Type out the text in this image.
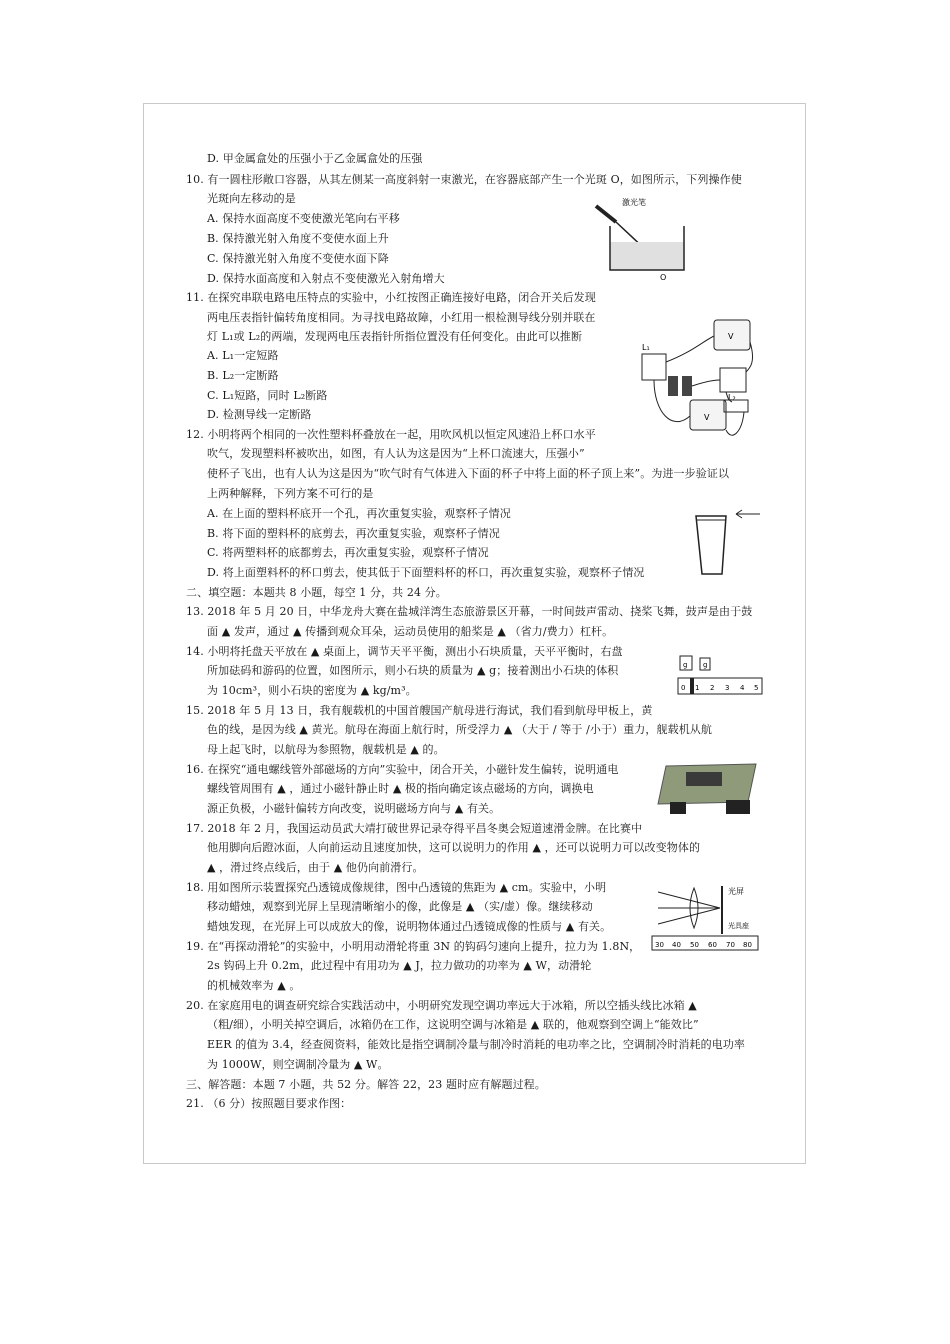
D. 甲金属盒处的压强小于乙金属盒处的压强
10. 有一圆柱形敞口容器，从其左侧某一高度斜射一束激光，在容器底部产生一个光斑 O，如图所示，下列操作使
光斑向左移动的是
A. 保持水面高度不变使激光笔向右平移
B. 保持激光射入角度不变使水面上升
C. 保持激光射入角度不变使水面下降
D. 保持水面高度和入射点不变使激光入射角增大
11. 在探究串联电路电压特点的实验中，小红按图正确连接好电路，闭合开关后发现
两电压表指针偏转角度相同。为寻找电路故障，小红用一根检测导线分别并联在
灯 L₁或 L₂的两端，发现两电压表指针所指位置没有任何变化。由此可以推断
A. L₁一定短路
B. L₂一定断路
C. L₁短路，同时 L₂断路
D. 检测导线一定断路
12. 小明将两个相同的一次性塑料杯叠放在一起，用吹风机以恒定风速沿上杯口水平
吹气，发现塑料杯被吹出，如图，有人认为这是因为“上杯口流速大，压强小”
使杯子飞出，也有人认为这是因为“吹气时有气体进入下面的杯子中将上面的杯子顶上来”。为进一步验证以
上两种解释，下列方案不可行的是
A. 在上面的塑料杯底开一个孔，再次重复实验，观察杯子情况
B. 将下面的塑料杯的底剪去，再次重复实验，观察杯子情况
C. 将两塑料杯的底都剪去，再次重复实验，观察杯子情况
D. 将上面塑料杯的杯口剪去，使其低于下面塑料杯的杯口，再次重复实验，观察杯子情况
二、填空题：本题共 8 小题，每空 1 分，共 24 分。
13. 2018 年 5 月 20 日，中华龙舟大赛在盐城洋湾生态旅游景区开幕，一时间鼓声雷动、挠桨飞舞，鼓声是由于鼓
面 ▲ 发声，通过 ▲ 传播到观众耳朵，运动员使用的船桨是 ▲ （省力/费力）杠杆。
14. 小明将托盘天平放在 ▲ 桌面上，调节天平平衡，测出小石块质量，天平平衡时，右盘
所加砝码和游码的位置，如图所示，则小石块的质量为 ▲ g；接着测出小石块的体积
为 10cm³，则小石块的密度为 ▲ kg/m³。
15. 2018 年 5 月 13 日，我有舰载机的中国首艘国产航母进行海试，我们看到航母甲板上，黄
色的线，是因为线 ▲ 黄光。航母在海面上航行时，所受浮力 ▲ （大于 / 等于 /小于）重力，舰载机从航
母上起飞时，以航母为参照物，舰载机是 ▲ 的。
16. 在探究“通电螺线管外部磁场的方向”实验中，闭合开关，小磁针发生偏转，说明通电
螺线管周围有 ▲ ，通过小磁针静止时 ▲ 极的指向确定该点磁场的方向，调换电
源正负极，小磁针偏转方向改变，说明磁场方向与 ▲ 有关。
17. 2018 年 2 月，我国运动员武大靖打破世界记录夺得平昌冬奥会短道速滑金牌。在比赛中
他用脚向后蹬冰面，人向前运动且速度加快，这可以说明力的作用 ▲ ，还可以说明力可以改变物体的
▲ ，滑过终点线后，由于 ▲ 他仍向前滑行。
18. 用如图所示装置探究凸透镜成像规律，图中凸透镜的焦距为 ▲ cm。实验中，小明
移动蜡烛，观察到光屏上呈现清晰缩小的像，此像是 ▲ （实/虚）像。继续移动
蜡烛发现，在光屏上可以成放大的像，说明物体通过凸透镜成像的性质与 ▲ 有关。
19. 在“再探动滑轮”的实验中，小明用动滑轮将重 3N 的钩码匀速向上提升，拉力为 1.8N，
2s 钩码上升 0.2m，此过程中有用功为 ▲ J，拉力做功的功率为 ▲ W，动滑轮
的机械效率为 ▲ 。
20. 在家庭用电的调查研究综合实践活动中，小明研究发现空调功率远大于冰箱，所以空插头线比冰箱 ▲
（粗/细），小明关掉空调后，冰箱仍在工作，这说明空调与冰箱是 ▲ 联的，他观察到空调上“能效比”
EER 的值为 3.4，经查阅资料，能效比是指空调制冷量与制冷时消耗的电功率之比，空调制冷时消耗的电功率
为 1000W，则空调制冷量为 ▲ W。
三、解答题：本题 7 小题，共 52 分。解答 22，23 题时应有解题过程。
21. （6 分）按照题目要求作图：
激光笔
O
L₁
L₂
V
V
g g
0 1 2 3 4 5
光屏
光具座
30 40 50 60 70 80
